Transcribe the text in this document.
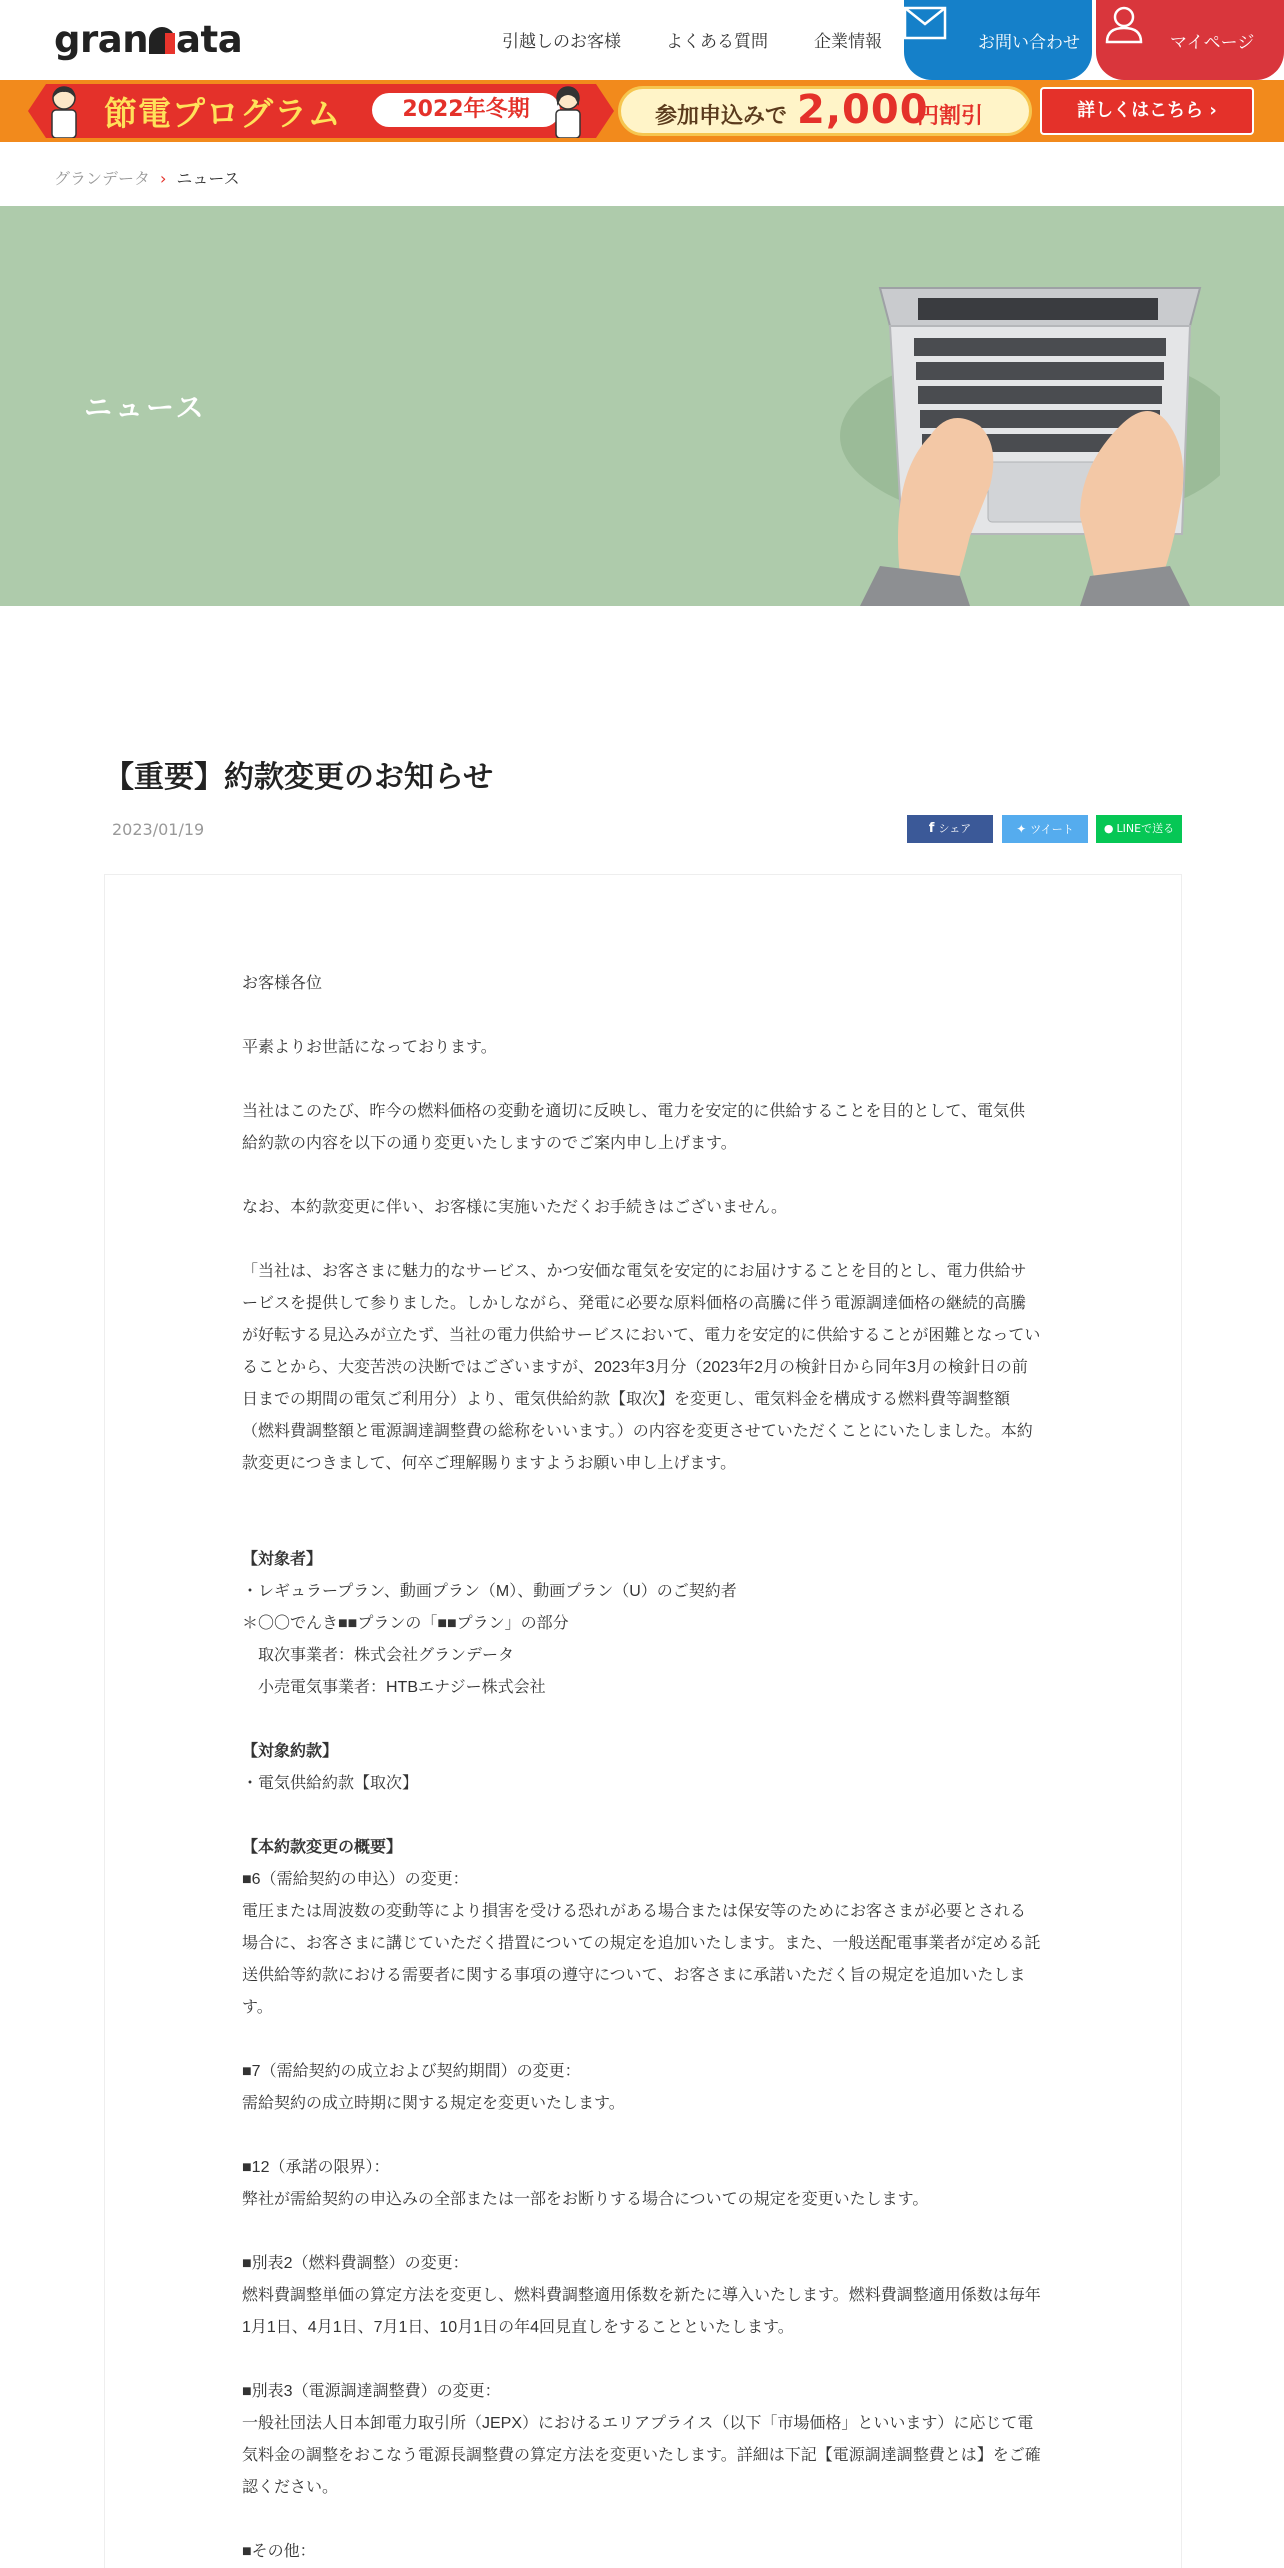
gran ata	引越しのお客様	よくある質問	企業情報	お問い合わせ	マイページ
節電プログラム	2022年冬期	参加申込みで 2,000
円割引	詳しくはこちら ›
グランデータ › ニュース
ニュース
【重要】約款変更のお知らせ
2023/01/19	f シェア	✦ ツイート	● LINEで送る
お客様各位
平素よりお世話になっております。
当社はこのたび、昨今の燃料価格の変動を適切に反映し、電力を安定的に供給することを目的として、電気供
給約款の内容を以下の通り変更いたしますのでご案内申し上げます。
なお、本約款変更に伴い、お客様に実施いただくお手続きはございません。
「当社は、お客さまに魅力的なサービス、かつ安価な電気を安定的にお届けすることを目的とし、電力供給サ
ービスを提供して参りました。しかしながら、発電に必要な原料価格の高騰に伴う電源調達価格の継続的高騰
が好転する見込みが立たず、当社の電力供給サービスにおいて、電力を安定的に供給することが困難となってい
ることから、大変苦渋の決断ではございますが、2023年3月分（2023年2月の検針日から同年3月の検針日の前
日までの期間の電気ご利用分）より、電気供給約款【取次】を変更し、電気料金を構成する燃料費等調整額
（燃料費調整額と電源調達調整費の総称をいいます。）の内容を変更させていただくことにいたしました。本約
款変更につきまして、何卒ご理解賜りますようお願い申し上げます。
【対象者】
・レギュラープラン、動画プラン（M）、動画プラン（U）のご契約者
＊〇〇でんき■■プランの「■■プラン」の部分
　取次事業者：株式会社グランデータ
　小売電気事業者：HTBエナジー株式会社
【対象約款】
・電気供給約款【取次】
【本約款変更の概要】
■6（需給契約の申込）の変更：
電圧または周波数の変動等により損害を受ける恐れがある場合または保安等のためにお客さまが必要とされる
場合に、お客さまに講じていただく措置についての規定を追加いたします。また、一般送配電事業者が定める託
送供給等約款における需要者に関する事項の遵守について、お客さまに承諾いただく旨の規定を追加いたしま
す。
■7（需給契約の成立および契約期間）の変更：
需給契約の成立時期に関する規定を変更いたします。
■12（承諾の限界）：
弊社が需給契約の申込みの全部または一部をお断りする場合についての規定を変更いたします。
■別表2（燃料費調整）の変更：
燃料費調整単価の算定方法を変更し、燃料費調整適用係数を新たに導入いたします。燃料費調整適用係数は毎年
1月1日、4月1日、7月1日、10月1日の年4回見直しをすることといたします。
■別表3（電源調達調整費）の変更：
一般社団法人日本卸電力取引所（JEPX）におけるエリアプライス（以下「市場価格」といいます）に応じて電
気料金の調整をおこなう電源長調整費の算定方法を変更いたします。詳細は下記【電源調達調整費とは】をご確
認ください。
■その他：
